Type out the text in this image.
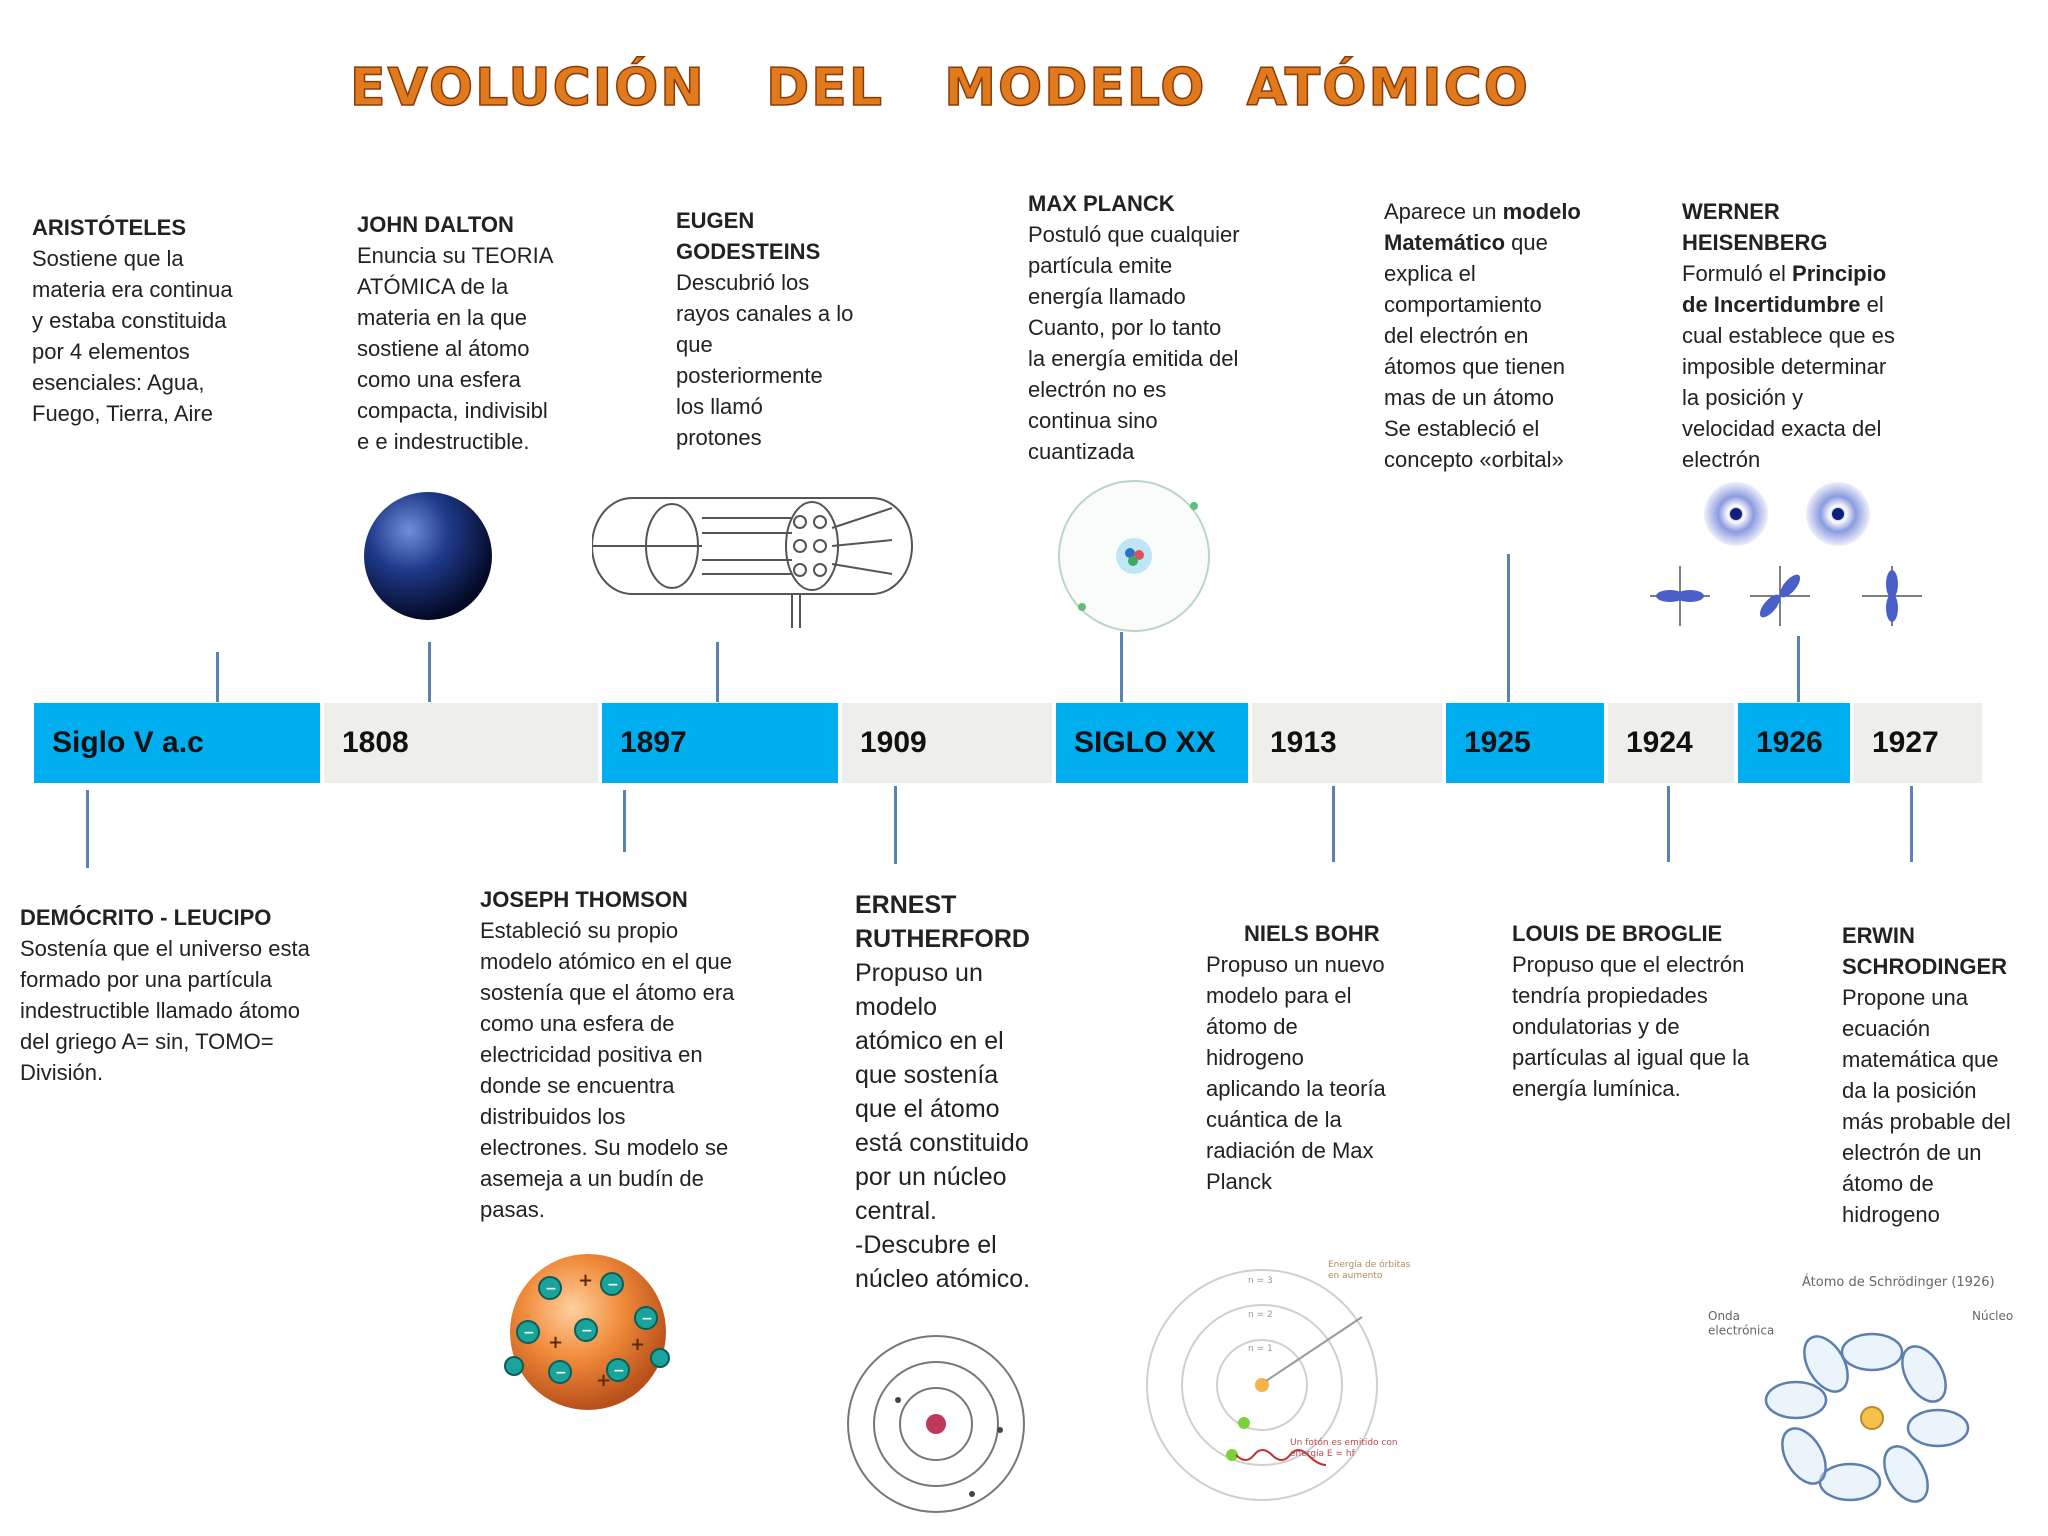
EVOLUCIÓN   DEL   MODELO  ATÓMICO
ARISTÓTELES
Sostiene que la
materia era continua
y estaba constituida
por 4 elementos
esenciales: Agua,
Fuego, Tierra, Aire
JOHN DALTON
Enuncia su TEORIA
ATÓMICA de la
materia en la que
sostiene al átomo
como una esfera
compacta, indivisibl
e e indestructible.
EUGEN
GODESTEINS
Descubrió los
rayos canales a lo
que
posteriormente
los llamó
protones
MAX PLANCK
Postuló que cualquier
partícula emite
energía llamado
Cuanto, por lo tanto
la energía emitida del
electrón no es
continua sino
cuantizada
Aparece un modelo
Matemático que
explica el
comportamiento
del electrón en
átomos que tienen
mas de un átomo
Se estableció el
concepto «orbital»
WERNER
HEISENBERG
Formuló el Principio
de Incertidumbre el
cual establece que es
imposible determinar
la posición y
velocidad exacta del
electrón
Siglo V a.c	1808	1897	1909	SIGLO XX	1913	1925	1924	1926	1927
DEMÓCRITO - LEUCIPO
Sostenía que el universo esta
formado por una partícula
indestructible llamado átomo
del griego A= sin, TOMO=
División.
JOSEPH THOMSON
Estableció su propio
modelo atómico en el que
sostenía que el átomo era
como una esfera de
electricidad positiva en
donde se encuentra
distribuidos los
electrones. Su modelo se
asemeja a un budín de
pasas.
ERNEST
RUTHERFORD
Propuso un
modelo
atómico en el
que sostenía
que el átomo
está constituido
por un núcleo
central.
-Descubre el
núcleo atómico.
NIELS BOHR
Propuso un nuevo
modelo para el
átomo de
hidrogeno
aplicando la teoría
cuántica de la
radiación de Max
Planck
LOUIS DE BROGLIE
Propuso que el electrón
tendría propiedades
ondulatorias y de
partículas al igual que la
energía lumínica.
ERWIN
SCHRODINGER
Propone una
ecuación
matemática que
da la posición
más probable del
electrón de un
átomo de
hidrogeno
−	−
−	−
−
−	−
+
+
+
+
n = 3
n = 2
n = 1
Energía de órbitas en aumento
Un fotón es emitido con energía E = hf
Átomo de Schrödinger (1926)
Onda electrónica
Núcleo
